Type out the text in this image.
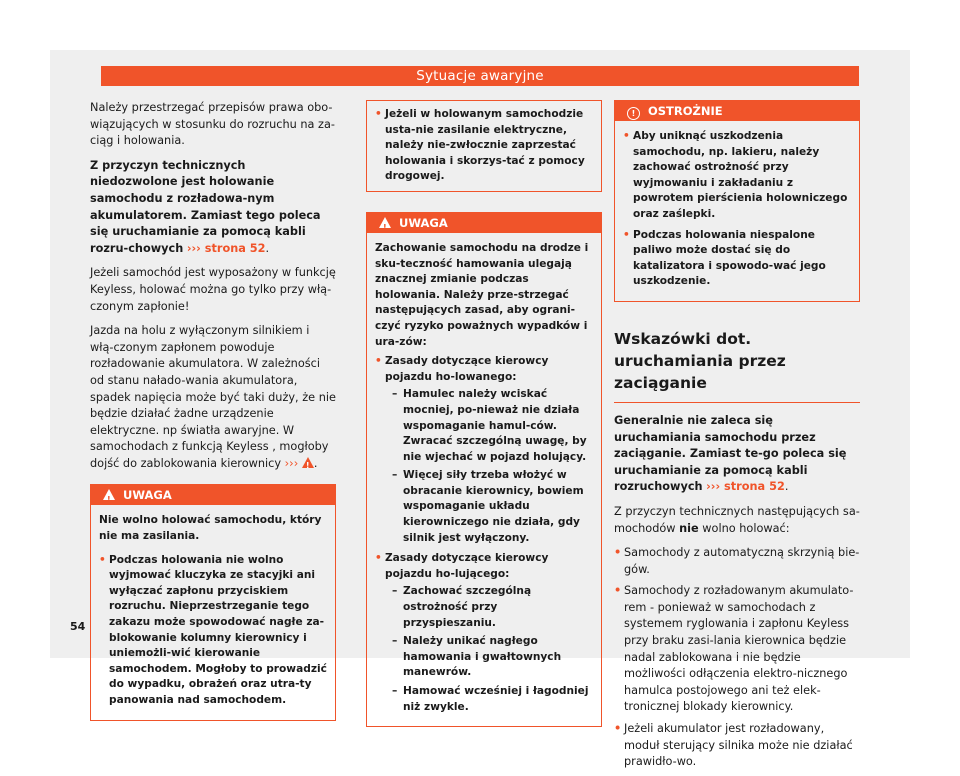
Sytuacje awaryjne

Należy przestrzegać przepisów prawa obo-wiązujących w stosunku do rozruchu na za-ciąg i holowania.

Z przyczyn technicznych niedozwolone jest holowanie samochodu z rozładowa-nym akumulatorem. Zamiast tego poleca się uruchamianie za pomocą kabli rozru-chowych ››› strona 52.

Jeżeli samochód jest wyposażony w funkcję Keyless, holować można go tylko przy włą-czonym zapłonie!

Jazda na holu z wyłączonym silnikiem i włą-czonym zapłonem powoduje rozładowanie akumulatora. W zależności od stanu nałado-wania akumulatora, spadek napięcia może być taki duży, że nie będzie działać żadne urządzenie elektryczne. np światła awaryjne. W samochodach z funkcją Keyless , mogłoby dojść do zablokowania kierownicy ››› ! .

!UWAGA

Nie wolno holować samochodu, który nie ma zasilania.

• Podczas holowania nie wolno wyjmować kluczyka ze stacyjki ani wyłączać zapłonu przyciskiem rozruchu. Nieprzestrzeganie tego zakazu może spowodować nagłe za-blokowanie kolumny kierownicy i uniemożli-wić kierowanie samochodem. Mogłoby to prowadzić do wypadku, obrażeń oraz utra-ty panowania nad samochodem.
• Jeżeli w holowanym samochodzie usta-nie zasilanie elektryczne, należy nie-zwłocznie zaprzestać holowania i skorzys-tać z pomocy drogowej.
!UWAGA

Zachowanie samochodu na drodze i sku-teczność hamowania ulegają znacznej zmianie podczas holowania. Należy prze-strzegać następujących zasad, aby ograni-czyć ryzyko poważnych wypadków i ura-zów:

• Zasady dotyczące kierowcy pojazdu ho-lowanego:
– Hamulec należy wciskać mocniej, po-nieważ nie działa wspomaganie hamul-ców. Zwracać szczególną uwagę, by nie wjechać w pojazd holujący.
– Więcej siły trzeba włożyć w obracanie kierownicy, bowiem wspomaganie układu kierowniczego nie działa, gdy silnik jest wyłączony.
• Zasady dotyczące kierowcy pojazdu ho-lującego:
– Zachować szczególną ostrożność przy przyspieszaniu.
– Należy unikać nagłego hamowania i gwałtownych manewrów.
– Hamować wcześniej i łagodniej niż zwykle.
! OSTROŻNIE
• Aby uniknąć uszkodzenia samochodu, np. lakieru, należy zachować ostrożność przy wyjmowaniu i zakładaniu z powrotem pierścienia holowniczego oraz zaślepki.
• Podczas holowania niespalone paliwo może dostać się do katalizatora i spowodo-wać jego uszkodzenie.
Wskazówki dot. uruchamiania przez zaciąganie

Generalnie nie zaleca się uruchamiania samochodu przez zaciąganie. Zamiast te-go poleca się uruchamianie za pomocą kabli rozruchowych ››› strona 52.

Z przyczyn technicznych następujących sa-mochodów nie wolno holować:

• Samochody z automatyczną skrzynią bie-gów.
• Samochody z rozładowanym akumulato-rem - ponieważ w samochodach z systemem ryglowania i zapłonu Keyless przy braku zasi-lania kierownica będzie nadal zablokowana i nie będzie możliwości odłączenia elektro-nicznego hamulca postojowego ani też elek-tronicznej blokady kierownicy.
• Jeżeli akumulator jest rozładowany, moduł sterujący silnika może nie działać prawidło-wo.
54
